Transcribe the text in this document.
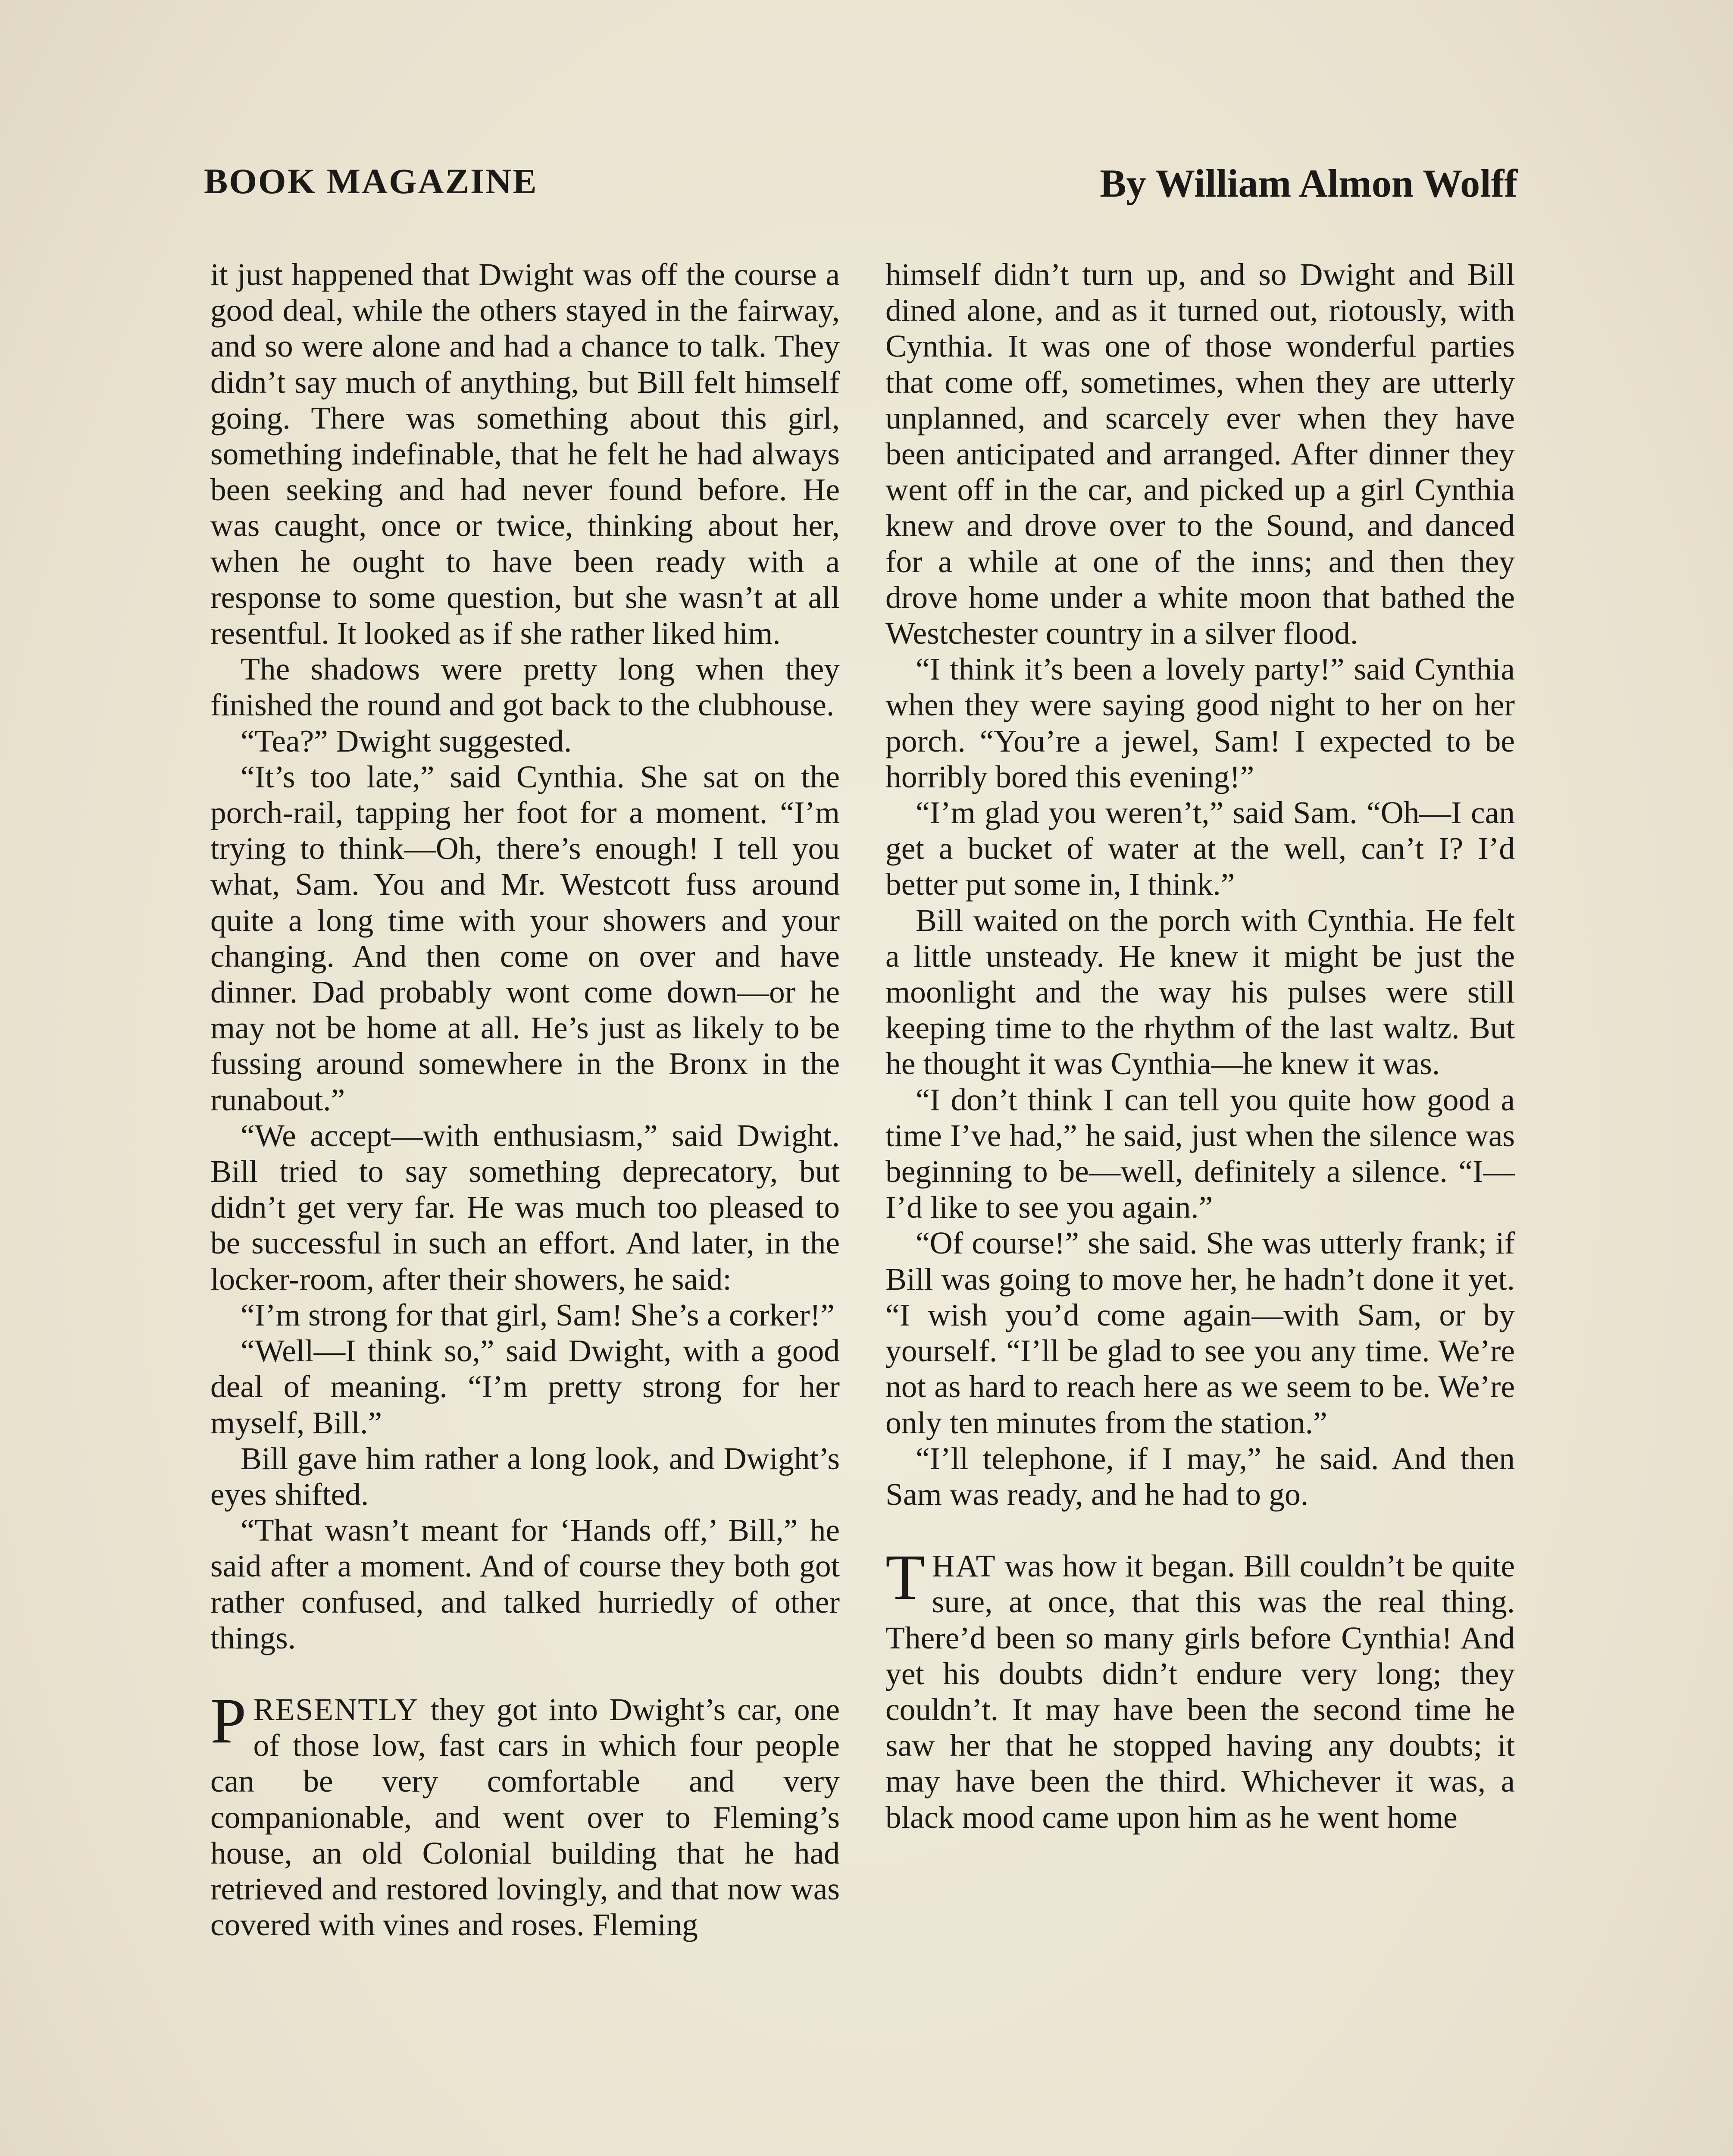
BOOK MAGAZINE	By William Almon Wolff

it just happened that Dwight was off the course a good deal, while the others stayed in the fairway, and so were alone and had a chance to talk. They didn’t say much of anything, but Bill felt himself going. There was something about this girl, something indefinable, that he felt he had always been seeking and had never found before. He was caught, once or twice, thinking about her, when he ought to have been ready with a response to some question, but she wasn’t at all resentful. It looked as if she rather liked him.

The shadows were pretty long when they finished the round and got back to the clubhouse.

“Tea?” Dwight suggested.

“It’s too late,” said Cynthia. She sat on the porch-rail, tapping her foot for a moment. “I’m trying to think—Oh, there’s enough! I tell you what, Sam. You and Mr. Westcott fuss around quite a long time with your showers and your changing. And then come on over and have dinner. Dad probably wont come down—or he may not be home at all. He’s just as likely to be fussing around somewhere in the Bronx in the runabout.”

“We accept—with enthusiasm,” said Dwight. Bill tried to say something deprecatory, but didn’t get very far. He was much too pleased to be successful in such an effort. And later, in the locker-room, after their showers, he said:

“I’m strong for that girl, Sam! She’s a corker!”

“Well—I think so,” said Dwight, with a good deal of meaning. “I’m pretty strong for her myself, Bill.”

Bill gave him rather a long look, and Dwight’s eyes shifted.

“That wasn’t meant for ‘Hands off,’ Bill,” he said after a moment. And of course they both got rather confused, and talked hurriedly of other things.

PRESENTLY they got into Dwight’s car, one of those low, fast cars in which four people can be very comfortable and very companionable, and went over to Fleming’s house, an old Colonial building that he had retrieved and restored lovingly, and that now was covered with vines and roses. Fleming

himself didn’t turn up, and so Dwight and Bill dined alone, and as it turned out, riotously, with Cynthia. It was one of those wonderful parties that come off, sometimes, when they are utterly unplanned, and scarcely ever when they have been anticipated and arranged. After dinner they went off in the car, and picked up a girl Cynthia knew and drove over to the Sound, and danced for a while at one of the inns; and then they drove home under a white moon that bathed the Westchester country in a silver flood.

“I think it’s been a lovely party!” said Cynthia when they were saying good night to her on her porch. “You’re a jewel, Sam! I expected to be horribly bored this evening!”

“I’m glad you weren’t,” said Sam. “Oh—I can get a bucket of water at the well, can’t I? I’d better put some in, I think.”

Bill waited on the porch with Cynthia. He felt a little unsteady. He knew it might be just the moonlight and the way his pulses were still keeping time to the rhythm of the last waltz. But he thought it was Cynthia—he knew it was.

“I don’t think I can tell you quite how good a time I’ve had,” he said, just when the silence was beginning to be—well, definitely a silence. “I—I’d like to see you again.”

“Of course!” she said. She was utterly frank; if Bill was going to move her, he hadn’t done it yet. “I wish you’d come again—with Sam, or by yourself. “I’ll be glad to see you any time. We’re not as hard to reach here as we seem to be. We’re only ten minutes from the station.”

“I’ll telephone, if I may,” he said. And then Sam was ready, and he had to go.

THAT was how it began. Bill couldn’t be quite sure, at once, that this was the real thing. There’d been so many girls before Cynthia! And yet his doubts didn’t endure very long; they couldn’t. It may have been the second time he saw her that he stopped having any doubts; it may have been the third. Whichever it was, a black mood came upon him as he went home
